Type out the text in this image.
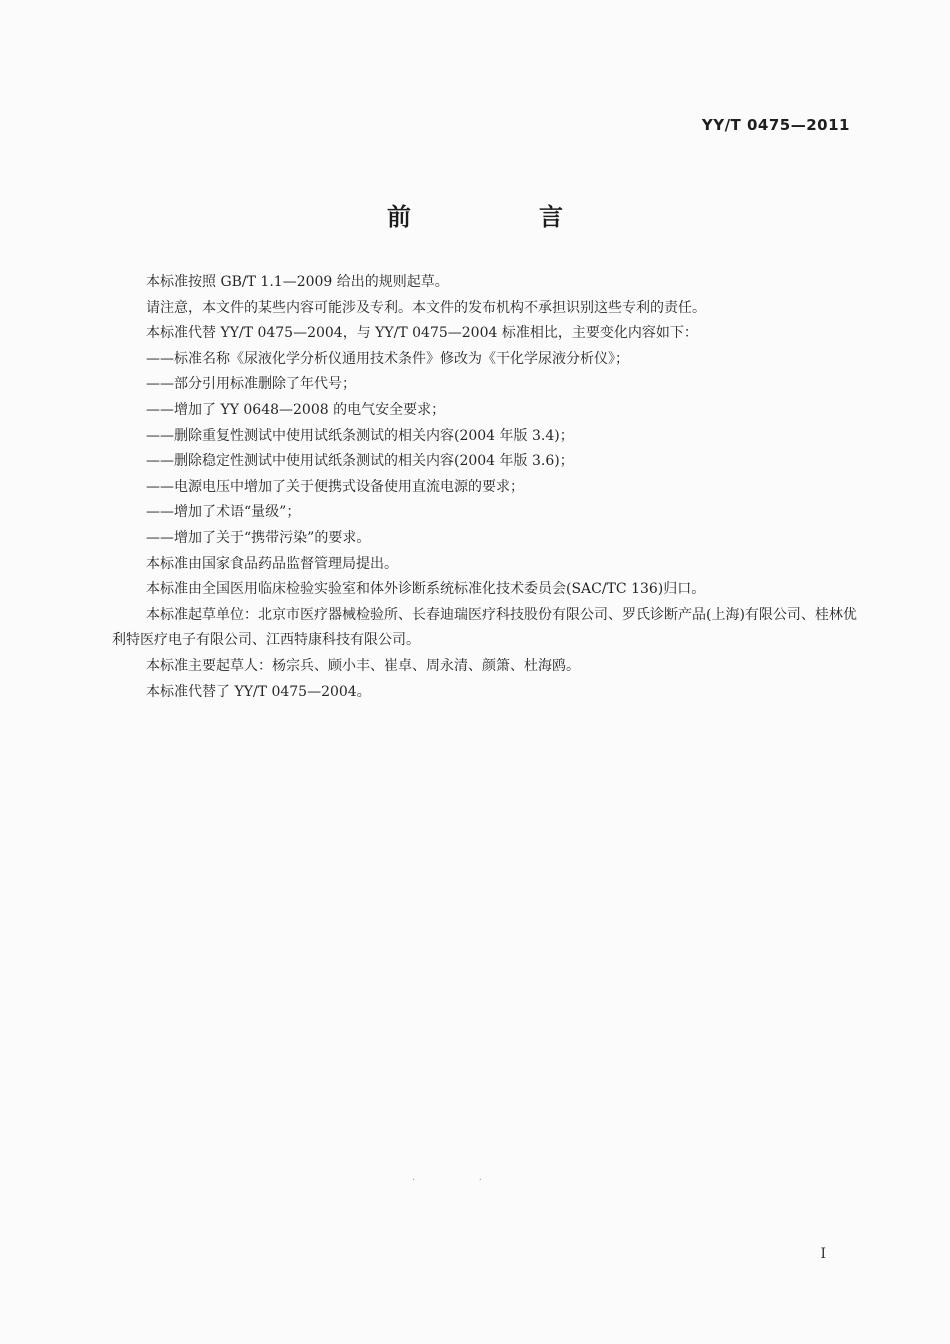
YY/T 0475—2011
前　言

本标准按照 GB/T 1.1—2009 给出的规则起草。

请注意，本文件的某些内容可能涉及专利。本文件的发布机构不承担识别这些专利的责任。

本标准代替 YY/T 0475—2004，与 YY/T 0475—2004 标准相比，主要变化内容如下：

——标准名称《尿液化学分析仪通用技术条件》修改为《干化学尿液分析仪》；

——部分引用标准删除了年代号；

——增加了 YY 0648—2008 的电气安全要求；

——删除重复性测试中使用试纸条测试的相关内容(2004 年版 3.4)；

——删除稳定性测试中使用试纸条测试的相关内容(2004 年版 3.6)；

——电源电压中增加了关于便携式设备使用直流电源的要求；

——增加了术语“量级”；

——增加了关于“携带污染”的要求。

本标准由国家食品药品监督管理局提出。

本标准由全国医用临床检验实验室和体外诊断系统标准化技术委员会(SAC/TC 136)归口。

本标准起草单位：北京市医疗器械检验所、长春迪瑞医疗科技股份有限公司、罗氏诊断产品(上海)有限公司、桂林优利特医疗电子有限公司、江西特康科技有限公司。

本标准主要起草人：杨宗兵、顾小丰、崔卓、周永清、颜箫、杜海鸥。

本标准代替了 YY/T 0475—2004。

·                    ·
I
